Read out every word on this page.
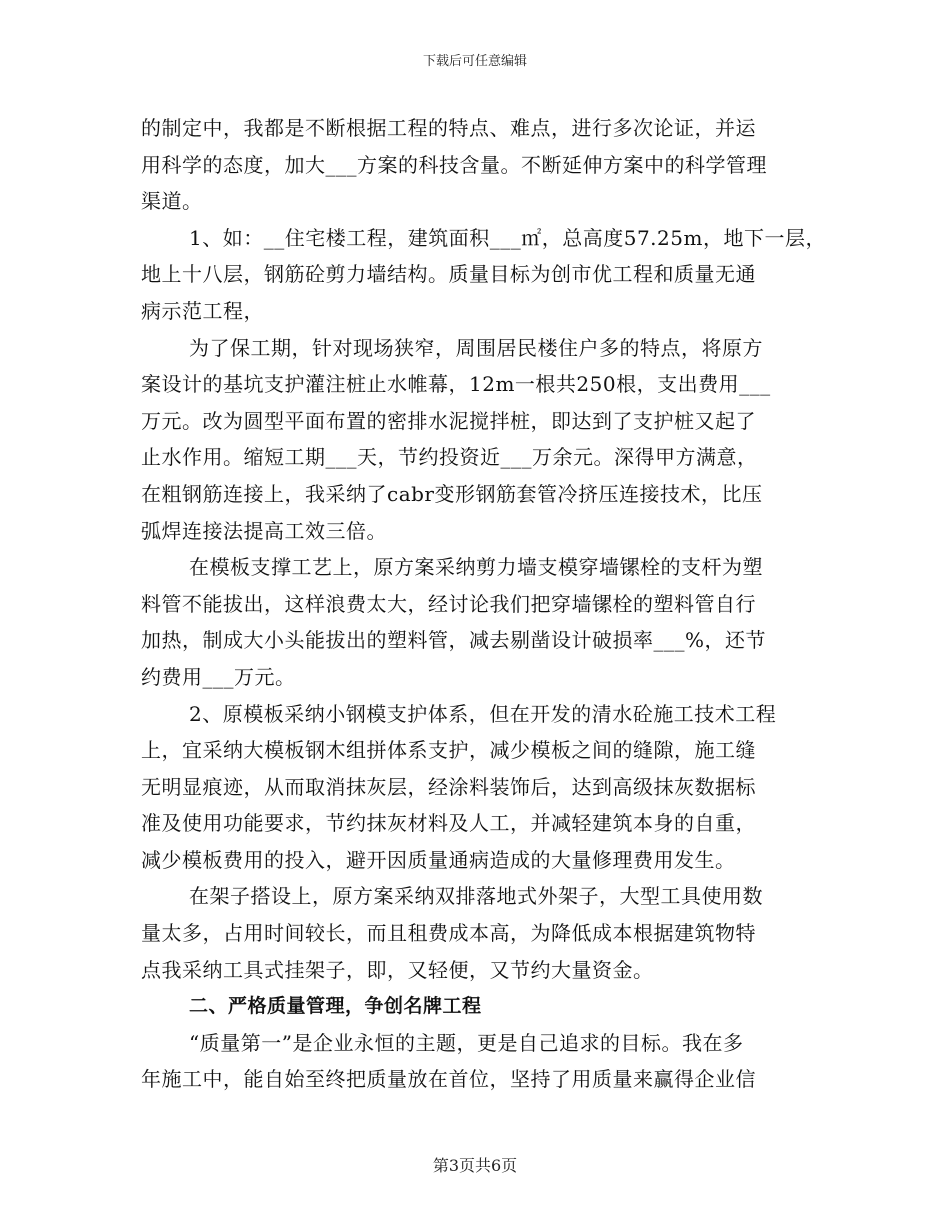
下载后可任意编辑
的制定中，我都是不断根据工程的特点、难点，进行多次论证，并运
用科学的态度，加大___方案的科技含量。不断延伸方案中的科学管理
渠道。
1、如：__住宅楼工程，建筑面积___㎡，总高度57.25m，地下一层，
地上十八层，钢筋砼剪力墙结构。质量目标为创市优工程和质量无通
病示范工程，
为了保工期，针对现场狭窄，周围居民楼住户多的特点，将原方
案设计的基坑支护灌注桩止水帷幕，12m一根共250根，支出费用___
万元。改为圆型平面布置的密排水泥搅拌桩，即达到了支护桩又起了
止水作用。缩短工期___天，节约投资近___万余元。深得甲方满意，
在粗钢筋连接上，我采纳了cabr变形钢筋套管冷挤压连接技术，比压
弧焊连接法提高工效三倍。
在模板支撑工艺上，原方案采纳剪力墙支模穿墙镙栓的支杆为塑
料管不能拔出，这样浪费太大，经讨论我们把穿墙镙栓的塑料管自行
加热，制成大小头能拔出的塑料管，减去剔凿设计破损率___%，还节
约费用___万元。
2、原模板采纳小钢模支护体系，但在开发的清水砼施工技术工程
上，宜采纳大模板钢木组拼体系支护，减少模板之间的缝隙，施工缝
无明显痕迹，从而取消抹灰层，经涂料装饰后，达到高级抹灰数据标
准及使用功能要求，节约抹灰材料及人工，并减轻建筑本身的自重，
减少模板费用的投入，避开因质量通病造成的大量修理费用发生。
在架子搭设上，原方案采纳双排落地式外架子，大型工具使用数
量太多，占用时间较长，而且租费成本高，为降低成本根据建筑物特
点我采纳工具式挂架子，即，又轻便，又节约大量资金。
二、严格质量管理，争创名牌工程
“质量第一”是企业永恒的主题，更是自己追求的目标。我在多
年施工中，能自始至终把质量放在首位，坚持了用质量来赢得企业信
第3页共6页
